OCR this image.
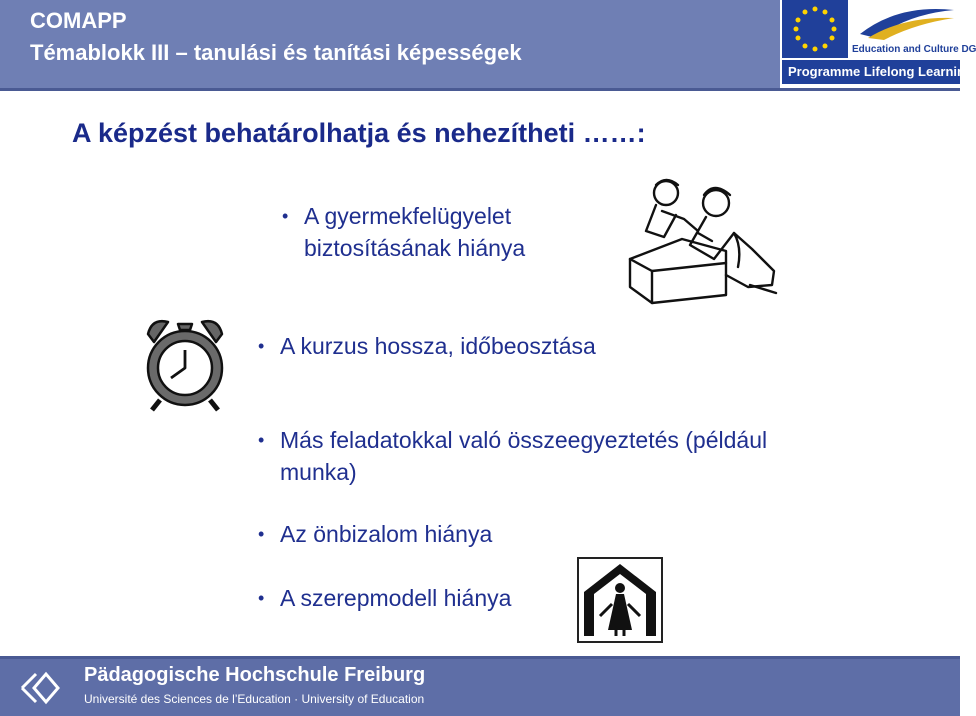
COMAPP
Témablokk III – tanulási és tanítási képességek	Education and Culture DG
Programme Lifelong Learning
A képzést behatárolhatja és nehezítheti ……:
• A gyermekfelügyelet
biztosításának hiánya
• A kurzus hossza, időbeosztása
• Más feladatokkal való összeegyeztetés (például
munka)
• Az önbizalom hiánya
• A szerepmodell hiánya
Pädagogische Hochschule Freiburg
Université des Sciences de l’Education · University of Education
